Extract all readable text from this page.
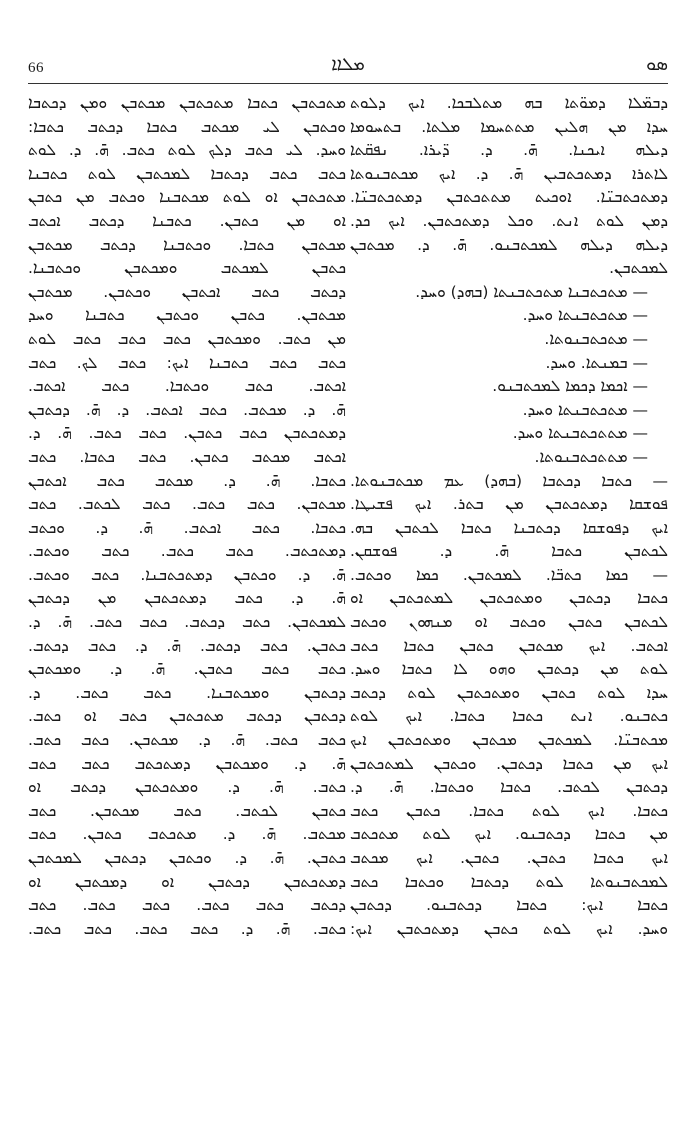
66	ܡܠܐܐ	ܣܘ
ܕܒܡ̈ܠܐ ܕܡܘ̈ܬܐ ܒܗ ܡܬܠܒܟܐ. ܐܝܟ ܕܠܘܬ
ܚܕܐ ܡܢ ܗܠܝܢ ܡܬܬܚܡܐ ܡܠܬܐ. ܒܬܚܘܡܐ
ܕܝܠܗ ܐܝܟܢܐ. ܗ̄. ܕ. ܕ̈ܝܪܐ. ܢܦܩ̈ܬܐ
ܠܐܬܪܐ ܕܡܬܟܬܒܝܢ ܗ̄. ܕ. ܐܝܟ ܡܟܬܒܢܘܬܐ
ܕܡܬܟܬܒܢ̈ܐ. ܐܘܟܝܬ ܡܬܬܟܬܒܢ ܕܡܬܟܬܒܢ̈ܐ.
ܕܡܢ ܠܘܬ ܐܢܬ. ܘܟܠ ܕܡܬܟܬܒܢ. ܐܝܟ ܟܕ.
ܕܝܠܗ ܕܝܠܗ ܠܡܟܬܒܢܘ. ܗ̄. ܕ. ܡܟܬܒܢ
ܠܡܟܬܒܢ.
— ܡܬܟܬܒܢܐ ܡܬܟܬܒܢܬܐ (ܒܗܕ) ܘܚܕ.
— ܡܬܟܬܒܢܬܐ ܘܚܕ.
— ܡܬܟܬܒܢܘܬܐ.
— ܒܡܢܬܐ. ܘܚܕ.
— ܐܟܡܐ ܕܟܡܐ ܠܡܟܬܒܢܘ.
— ܡܬܟܬܒܢܬܐ ܘܚܕ.
— ܡܬܬܟܬܒܢܬܐ ܘܚܕ.
— ܡܬܬܟܬܒܢܘܬܐ.
— ܟܬܒܐ ܕܟܬܒܐ (ܒܗܕ) ܥܡ ܡܟܬܒܢܘܬܐ.
ܦܘܫܩܐ ܕܡܬܟܬܒܢ ܡܢ ܒܬܪ. ܐܝܟ ܦܫܝܛܐ.
ܐܝܟ ܕܦܘܫܩܐ ܕܟܬܒܢܐ ܟܬܒܐ ܠܟܬܒܢ ܒܗ.
ܠܟܬܒܢ ܟܬܒܐ ܗ̄. ܕ. ܦܘܫܩܢ.
— ܟܡܐ ܟܬܒ̈ܐ. ܠܡܟܬܒܢ. ܟܡܐ ܘܟܬܒ.
ܟܬܒܐ ܕܟܬܒܢ ܘܡܬܟܬܒܢ ܠܡܬܟܬܒܢ ܐܘ
ܠܟܬܒܢ ܟܬܒܢ ܘܟܬܒ ܐܘ ܡܢܗܘܢ ܘܟܬܒ
ܐܟܬܒ. ܐܝܟ ܡܟܬܒܢ ܟܬܒܢ ܟܬܒܐ ܟܬܒ
ܠܘܬ ܡܢ ܕܟܬܒܢ ܘܗܘ ܠܐ ܟܬܒܐ ܘܚܕ.
ܚܕܐ ܠܘܬ ܟܬܒܢ ܘܡܬܟܬܒܢ ܠܘܬ ܕܟܬܒ
ܟܬܒܢܘ. ܐܢܬ ܟܬܒܐ ܟܬܒܐ. ܐܝܟ ܠܘܬ
ܡܟܬܒܢ̈ܐ. ܠܡܟܬܒܢ ܡܟܬܒܢ ܘܡܬܟܬܒܢ ܐܝܟ
ܐܝܟ ܡܢ ܟܬܒܐ ܕܟܬܒܢ. ܘܟܬܒܢ ܠܡܬܟܬܒܢ
ܕܟܬܒܢ ܠܟܬܒ. ܟܬܒܐ ܘܟܬܒܐ. ܗ̄. ܕ.
ܟܬܒܐ. ܐܝܟ ܠܘܬ ܟܬܒܐ. ܟܬܒܢ ܟܬܒ
ܡܢ ܟܬܒܐ ܕܟܬܒܢܘ. ܐܝܟ ܠܘܬ ܡܬܟܬܒ
ܐܝܟ ܟܬܒܐ ܟܬܒܢ. ܟܬܒܢ. ܐܝܟ ܡܟܬܒ
ܠܡܟܬܒܢܘܬܐ ܠܘܬ ܕܟܬܒܐ ܘܟܬܒܐ ܟܬܒ
ܟܬܒܐ ܐܝܟ: ܟܬܒܐ ܕܟܬܒܢܘ. ܕܟܬܒܢ
ܘܚܕ. ܐܝܟ ܠܘܬ ܟܬܒܢ ܕܡܬܟܬܒܢ ܐܝܟ:
ܡܬܟܬܒܢ ܟܬܒܐ ܡܬܟܬܒܢ ܡܟܬܒܢ ܘܡܢ ܕܟܬܒܐ
ܘܟܬܒܢ ܠܝ ܡܟܬܒ ܟܬܒܐ ܕܟܬܒ ܟܬܒܐ:
ܘܚܕ. ܠܝ ܟܬܒ ܕܠܟ ܠܘܬ ܟܬܒ. ܗ̄. ܕ. ܠܘܬ
ܟܬܒ ܟܬܒ ܕܟܬܒܐ ܠܡܟܬܒܢ ܠܘܬ ܟܬܒܢܐ
ܡܬܟܬܒܢ ܐܘ ܠܘܬ ܡܟܬܒܢܐ ܘܟܬܒ ܡܢ ܟܬܒܢ
ܐܘ ܡܢ ܟܬܒܢ. ܟܬܒܢܐ ܕܟܬܒ ܐܟܬܒ
ܡܟܬܒܢ ܟܬܒܐ. ܘܟܬܒܢܐ ܕܟܬܒ ܡܟܬܒܢ
ܟܬܒܢ ܠܡܟܬܒ ܘܡܟܬܒܢ ܘܟܬܒܢܐ.
ܕܟܬܒ ܟܬܒ ܐܟܬܒܢ ܘܟܬܒܢ. ܡܟܬܒܢ
ܡܟܬܒܢ. ܟܬܒܢ ܘܟܬܒܢ ܟܬܒܢܐ ܘܚܕ
ܡܢ ܟܬܒ. ܘܡܟܬܒܢ ܟܬܒ ܟܬܒ ܟܬܒ ܠܘܬ
ܟܬܒ ܟܬܒ ܟܬܒܢܐ ܐܝܟ: ܟܬܒ ܠܟ. ܟܬܒ
ܐܟܬܒ. ܟܬܒ ܘܟܬܒܐ. ܟܬܒ ܐܟܬܒ.
ܗ̄. ܕ. ܡܟܬܒ. ܟܬܒ ܐܟܬܒ. ܕ. ܗ̄. ܕܟܬܒܢ
ܕܡܬܟܬܒܢ ܟܬܒ ܟܬܒܢ. ܟܬܒ ܟܬܒ. ܗ̄. ܕ.
ܐܟܬܒ ܡܟܬܒ ܟܬܒܢ. ܟܬܒ ܟܬܒܐ. ܟܬܒ
ܟܬܒܐ. ܗ̄. ܕ. ܡܟܬܒ ܟܬܒ ܐܟܬܒܢ
ܡܟܬܒܢ. ܟܬܒ ܟܬܒ. ܟܬܒ ܠܟܬܒ. ܟܬܒ
ܟܬܒܐ. ܟܬܒ ܐܟܬܒ. ܗ̄. ܕ. ܘܟܬܒ
ܕܡܬܟܬܒ. ܟܬܒ ܟܬܒ. ܟܬܒ ܘܟܬܒ.
ܗ̄. ܕ. ܘܟܬܒܢ ܕܡܬܟܬܒܢܐ. ܟܬܒ ܘܟܬܒ.
ܗ̄. ܕ. ܟܬܒ ܕܡܬܟܬܒܢ ܡܢ ܕܟܬܒܢ
ܠܡܟܬܒܢ. ܟܬܒ ܕܟܬܒ. ܟܬܒ ܟܬܒ. ܗ̄. ܕ.
ܟܬܒܢ. ܟܬܒ ܕܟܬܒ. ܗ̄. ܕ. ܟܬܒ ܕܟܬܒ.
ܟܬܒ ܟܬܒ ܟܬܒܢ. ܗ̄. ܕ. ܘܡܟܬܒܢ
ܕܟܬܒܢ ܘܡܟܬܒܢܐ. ܟܬܒ ܟܬܒ. ܕ.
ܕܟܬܒܢ ܕܟܬܒ ܡܬܟܬܒܢ ܟܬܒ ܐܘ ܟܬܒ.
ܟܬܒ ܟܬܒ. ܗ̄. ܕ. ܡܟܬܒܢ. ܟܬܒ ܟܬܒ.
ܗ̄. ܕ. ܘܡܟܬܒܢ ܕܡܬܟܬܒ ܟܬܒ ܟܬܒ
ܟܬܒ. ܗ̄. ܕ. ܘܡܬܟܬܒܢ ܕܟܬܒ ܐܘ
ܟܬܒܢ ܠܟܬܒ. ܟܬܒ ܡܟܬܒܢ. ܟܬܒ
ܡܟܬܒ. ܗ̄. ܕ. ܡܬܟܬܒ ܟܬܒܢ. ܟܬܒ
ܟܬܒܢ. ܗ̄. ܕ. ܘܟܬܒܢ ܕܟܬܒܢ ܠܡܟܬܒܢ
ܕܡܬܟܬܒܢ ܕܟܬܒܢ ܐܘ ܕܡܟܬܒܢ ܐܘ
ܕܟܬܒ ܟܬܒ ܟܬܒ. ܟܬܒ ܟܬܒ. ܟܬܒ
ܟܬܒ. ܗ̄. ܕ. ܟܬܒ ܟܬܒ. ܟܬܒ ܟܬܒ.
